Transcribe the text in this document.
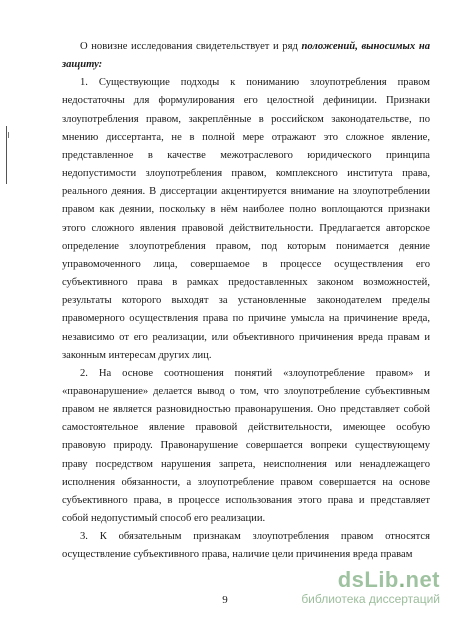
О новизне исследования свидетельствует и ряд положений, выносимых на защиту:

1. Существующие подходы к пониманию злоупотребления правом недостаточны для формулирования его целостной дефиниции. Признаки злоупотребления правом, закреплённые в российском законодательстве, по мнению диссертанта, не в полной мере отражают это сложное явление, представленное в качестве межотраслевого юридического принципа недопустимости злоупотребления правом, комплексного института права, реального деяния. В диссертации акцентируется внимание на злоупотреблении правом как деянии, поскольку в нём наиболее полно воплощаются признаки этого сложного явления правовой действительности. Предлагается авторское определение злоупотребления правом, под которым понимается деяние управомоченного лица, совершаемое в процессе осуществления его субъективного права в рамках предоставленных законом возможностей, результаты которого выходят за установленные законодателем пределы правомерного осуществления права по причине умысла на причинение вреда, независимо от его реализации, или объективного причинения вреда правам и законным интересам других лиц.

2. На основе соотношения понятий «злоупотребление правом» и «правонарушение» делается вывод о том, что злоупотребление субъективным правом не является разновидностью правонарушения. Оно представляет собой самостоятельное явление правовой действительности, имеющее особую правовую природу. Правонарушение совершается вопреки существующему праву посредством нарушения запрета, неисполнения или ненадлежащего исполнения обязанности, а злоупотребление правом совершается на основе субъективного права, в процессе использования этого права и представляет собой недопустимый способ его реализации.

3. К обязательным признакам злоупотребления правом относятся осуществление субъективного права, наличие цели причинения вреда правам

9
dsLib.net
библиотека диссертаций
